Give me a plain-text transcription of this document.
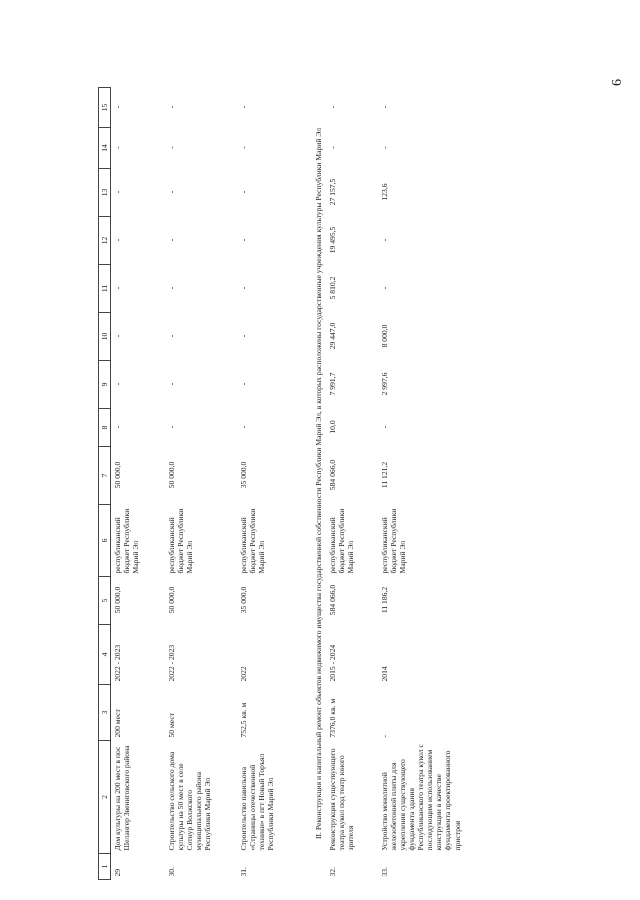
6
1	2	3	4	5	6	7	8	9	10	11	12	13	14	15
29	Дом культуры на 200 мест в пос Шелангер Звениговского района	200 мест	2022 - 2023	50 000,0	республиканский бюджет Республики Марий Эл	50 000,0	-	-	-	-	-	-	-	-
30.	Строительство сельского дома культуры на 50 мест в селе Сотнур Волжского муниципального района Республики Марий Эл	50 мест	2022 - 2023	50 000,0	республиканский бюджет Республики Марий Эл	50 000,0	-	-	-	-	-	-	-	-
31.	Строительство павильона «Страницы отечественной техники» в пгт Новый Торъял Республики Марий Эл	752,5 кв. м	2022	35 000,0	республиканский бюджет Республики Марий Эл	35 000,0	-	-	-	-	-	-	-	-
II. Реконструкция и капитальный ремонт объектов недвижимого имущества государственной собственности Республики Марий Эл, в которых расположены государственные учреждения культуры Республики Марий Эл														
32.	Реконструкция существующего театра кукол под театр юного зрителя	7376,0 кв. м	2015 - 2024	584 066,0	республиканский бюджет Республики Марий Эл	584 066,0	10,0	7 991,7	29 447,0	5 810,2	19 495,5	27 157,5	-	-
33.	Устройство монолитной железобетонной плиты для укрепления существующего фундамента здания Республиканского театра кукол с последующим использованием конструкции в качестве фундамента проектированного пристроя	-	2014	11 186,2	республиканский бюджет Республики Марий Эл	11 121,2	-	2 997,6	8 000,0	-	-	123,6	-	-
